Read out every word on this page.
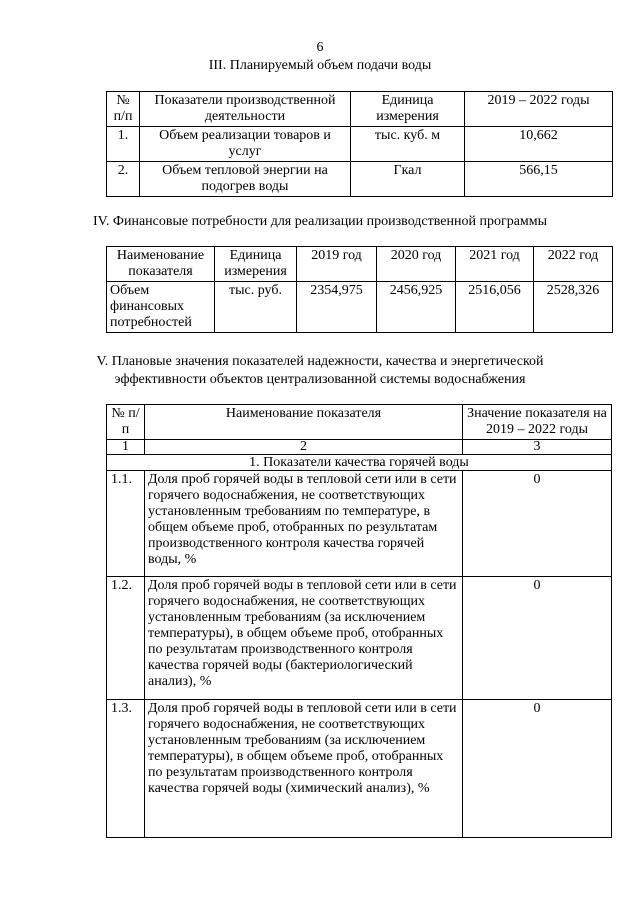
6
III. Планируемый объем подачи воды
№ п/п	Показатели производственной деятельности	Единица измерения	2019 – 2022 годы
1.	Объем реализации товаров и услуг	тыс. куб. м	10,662
2.	Объем тепловой энергии на подогрев воды	Гкал	566,15
IV. Финансовые потребности для реализации производственной программы
Наименование показателя	Единица измерения	2019 год	2020 год	2021 год	2022 год
Объем финансовых потребностей	тыс. руб.	2354,975	2456,925	2516,056	2528,326
V. Плановые значения показателей надежности, качества и энергетической
эффективности объектов централизованной системы водоснабжения
№ п/п	Наименование показателя	Значение показателя на 2019 – 2022 годы
1	2	3
1. Показатели качества горячей воды		
1.1.	Доля проб горячей воды в тепловой сети или в сети горячего водоснабжения, не соответствующих установленным требованиям по температуре, в общем объеме проб, отобранных по результатам производственного контроля качества горячей воды, %	0
1.2.	Доля проб горячей воды в тепловой сети или в сети горячего водоснабжения, не соответствующих установленным требованиям (за исключением температуры), в общем объеме проб, отобранных по результатам производственного контроля качества горячей воды (бактериологический анализ), %	0
1.3.	Доля проб горячей воды в тепловой сети или в сети горячего водоснабжения, не соответствующих установленным требованиям (за исключением температуры), в общем объеме проб, отобранных по результатам производственного контроля качества горячей воды (химический анализ), %	0
